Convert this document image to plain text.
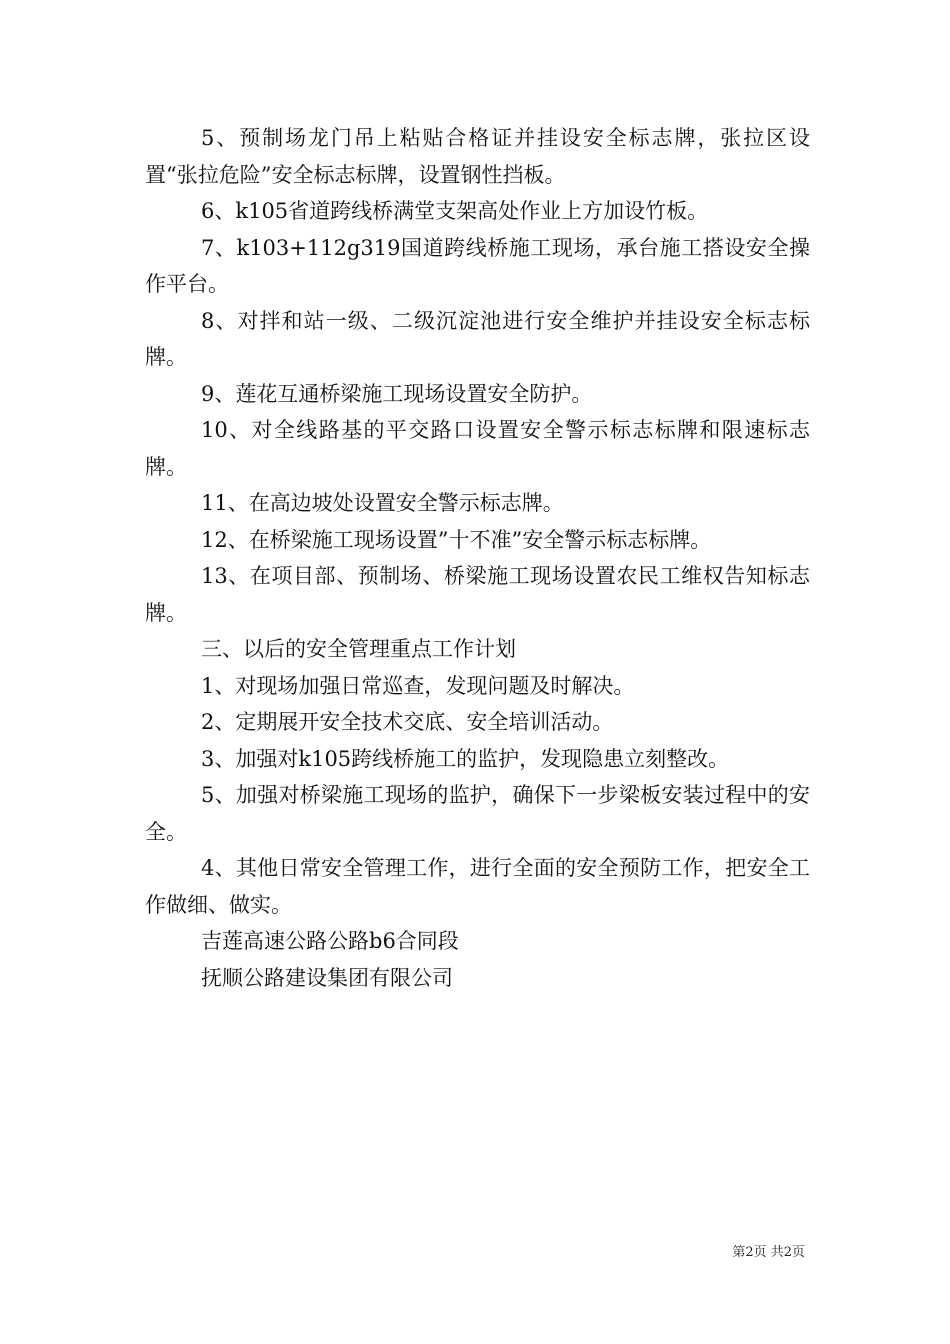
5、预制场龙门吊上粘贴合格证并挂设安全标志牌，张拉区设置“张拉危险”安全标志标牌，设置钢性挡板。

6、k105省道跨线桥满堂支架高处作业上方加设竹板。

7、k103+112g319国道跨线桥施工现场，承台施工搭设安全操作平台。

8、对拌和站一级、二级沉淀池进行安全维护并挂设安全标志标牌。

9、莲花互通桥梁施工现场设置安全防护。

10、对全线路基的平交路口设置安全警示标志标牌和限速标志牌。

11、在高边坡处设置安全警示标志牌。

12、在桥梁施工现场设置”十不准”安全警示标志标牌。

13、在项目部、预制场、桥梁施工现场设置农民工维权告知标志牌。

三、以后的安全管理重点工作计划

1、对现场加强日常巡查，发现问题及时解决。

2、定期展开安全技术交底、安全培训活动。

3、加强对k105跨线桥施工的监护，发现隐患立刻整改。

5、加强对桥梁施工现场的监护，确保下一步梁板安装过程中的安全。

4、其他日常安全管理工作，进行全面的安全预防工作，把安全工作做细、做实。

吉莲高速公路公路b6合同段

抚顺公路建设集团有限公司

第2页 共2页
